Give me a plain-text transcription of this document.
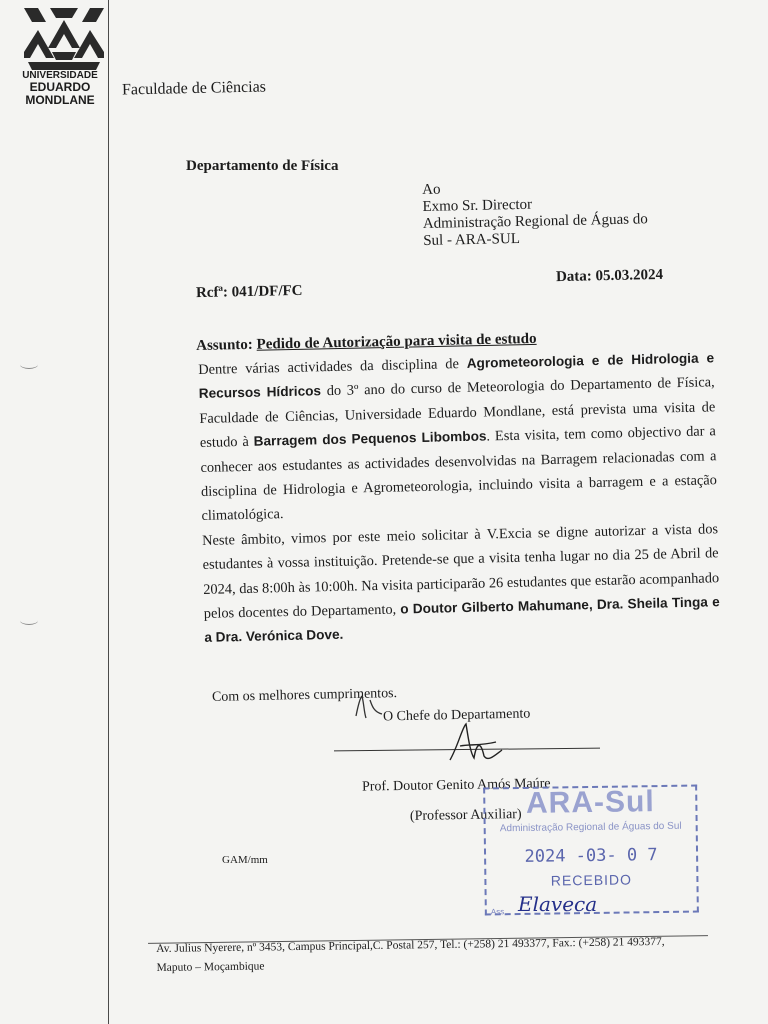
UNIVERSIDADE
EDUARDO
MONDLANE
Faculdade de Ciências
Departamento de Física
Ao
Exmo Sr. Director
Administração Regional de Águas do
Sul - ARA-SUL
Data: 05.03.2024
Rcfª: 041/DF/FC
Assunto: Pedido de Autorização para visita de estudo

Dentre várias actividades da disciplina de Agrometeorologia e de Hidrologia e Recursos Hídricos do 3º ano do curso de Meteorologia do Departamento de Física, Faculdade de Ciências, Universidade Eduardo Mondlane, está prevista uma visita de estudo à Barragem dos Pequenos Libombos. Esta visita, tem como objectivo dar a conhecer aos estudantes as actividades desenvolvidas na Barragem relacionadas com a disciplina de Hidrologia e Agrometeorologia, incluindo visita a barragem e a estação climatológica.

Neste âmbito, vimos por este meio solicitar à V.Excia se digne autorizar a vista dos estudantes à vossa instituição. Pretende-se que a visita tenha lugar no dia 25 de Abril de 2024, das 8:00h às 10:00h. Na visita participarão 26 estudantes que estarão acompanhado pelos docentes do Departamento, o Doutor Gilberto Mahumane, Dra. Sheila Tinga e a Dra. Verónica Dove.

Com os melhores cumprimentos.
O Chefe do Departamento
Prof. Doutor Genito Amós Maúre
(Professor Auxiliar)
GAM/mm
ARA-Sul
Administração Regional de Águas do Sul
2024 -03- 0 7
RECEBIDO
Ass. Elaveca
Av. Julius Nyerere, nº 3453, Campus Principal,C. Postal 257, Tel.: (+258) 21 493377, Fax.: (+258) 21 493377,
Maputo – Moçambique
